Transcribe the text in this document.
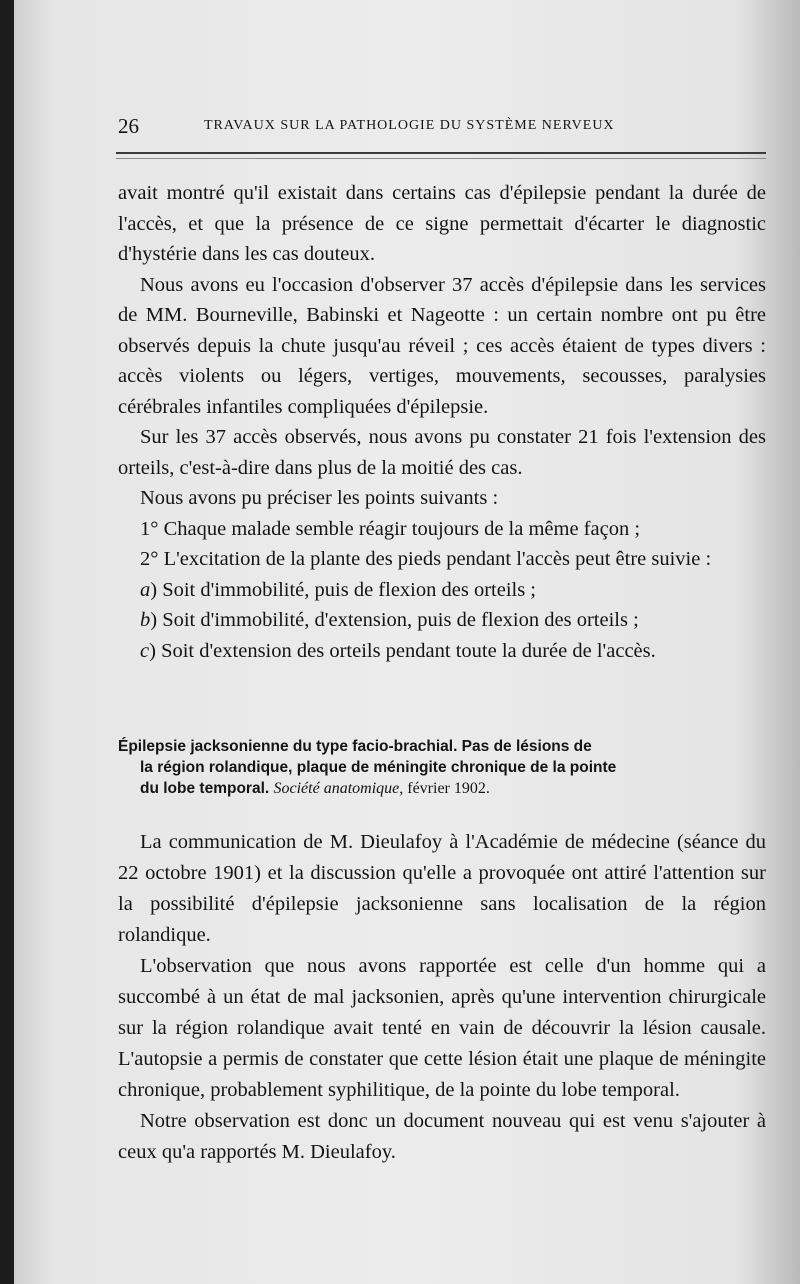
26	TRAVAUX SUR LA PATHOLOGIE DU SYSTÈME NERVEUX

avait montré qu'il existait dans certains cas d'épilepsie pendant la durée de l'accès, et que la présence de ce signe permettait d'écarter le diagnostic d'hystérie dans les cas douteux.

Nous avons eu l'occasion d'observer 37 accès d'épilepsie dans les services de MM. Bourneville, Babinski et Nageotte : un certain nombre ont pu être observés depuis la chute jusqu'au réveil ; ces accès étaient de types divers : accès violents ou légers, vertiges, mouvements, secousses, paralysies cérébrales infantiles compliquées d'épilepsie.

Sur les 37 accès observés, nous avons pu constater 21 fois l'extension des orteils, c'est-à-dire dans plus de la moitié des cas.

Nous avons pu préciser les points suivants :

1° Chaque malade semble réagir toujours de la même façon ;

2° L'excitation de la plante des pieds pendant l'accès peut être suivie :

a) Soit d'immobilité, puis de flexion des orteils ;

b) Soit d'immobilité, d'extension, puis de flexion des orteils ;

c) Soit d'extension des orteils pendant toute la durée de l'accès.

Épilepsie jacksonienne du type facio-brachial. Pas de lésions de
la région rolandique, plaque de méningite chronique de la pointe
du lobe temporal. Société anatomique, février 1902.

La communication de M. Dieulafoy à l'Académie de médecine (séance du 22 octobre 1901) et la discussion qu'elle a provoquée ont attiré l'attention sur la possibilité d'épilepsie jacksonienne sans localisation de la région rolandique.

L'observation que nous avons rapportée est celle d'un homme qui a succombé à un état de mal jacksonien, après qu'une intervention chirurgicale sur la région rolandique avait tenté en vain de découvrir la lésion causale. L'autopsie a permis de constater que cette lésion était une plaque de méningite chronique, probablement syphilitique, de la pointe du lobe temporal.

Notre observation est donc un document nouveau qui est venu s'ajouter à ceux qu'a rapportés M. Dieulafoy.
